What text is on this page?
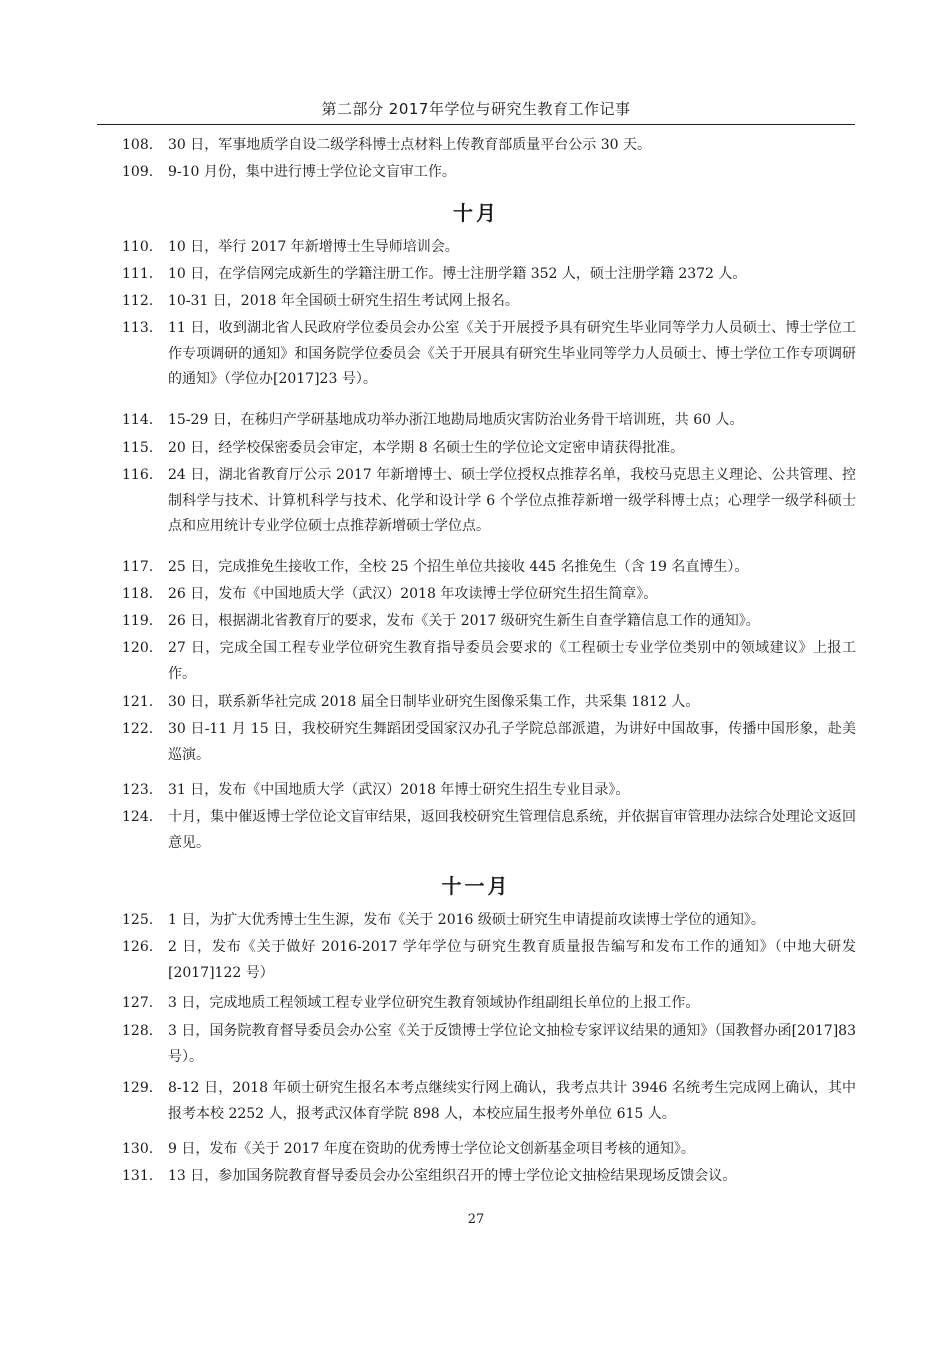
第二部分 2017年学位与研究生教育工作记事
108.	30 日，军事地质学自设二级学科博士点材料上传教育部质量平台公示 30 天。
109.	9-10 月份，集中进行博士学位论文盲审工作。
十月
110.	10 日，举行 2017 年新增博士生导师培训会。
111.	10 日，在学信网完成新生的学籍注册工作。博士注册学籍 352 人，硕士注册学籍 2372 人。
112.	10-31 日，2018 年全国硕士研究生招生考试网上报名。
113.	11 日，收到湖北省人民政府学位委员会办公室《关于开展授予具有研究生毕业同等学力人员硕士、博士学位工作专项调研的通知》和国务院学位委员会《关于开展具有研究生毕业同等学力人员硕士、博士学位工作专项调研的通知》（学位办[2017]23 号）。
114.	15-29 日，在秭归产学研基地成功举办浙江地勘局地质灾害防治业务骨干培训班，共 60 人。
115.	20 日，经学校保密委员会审定，本学期 8 名硕士生的学位论文定密申请获得批准。
116.	24 日，湖北省教育厅公示 2017 年新增博士、硕士学位授权点推荐名单，我校马克思主义理论、公共管理、控制科学与技术、计算机科学与技术、化学和设计学 6 个学位点推荐新增一级学科博士点；心理学一级学科硕士点和应用统计专业学位硕士点推荐新增硕士学位点。
117.	25 日，完成推免生接收工作，全校 25 个招生单位共接收 445 名推免生（含 19 名直博生）。
118.	26 日，发布《中国地质大学（武汉）2018 年攻读博士学位研究生招生简章》。
119.	26 日，根据湖北省教育厅的要求，发布《关于 2017 级研究生新生自查学籍信息工作的通知》。
120.	27 日，完成全国工程专业学位研究生教育指导委员会要求的《工程硕士专业学位类别中的领域建议》上报工作。
121.	30 日，联系新华社完成 2018 届全日制毕业研究生图像采集工作，共采集 1812 人。
122.	30 日-11 月 15 日，我校研究生舞蹈团受国家汉办孔子学院总部派遣，为讲好中国故事，传播中国形象，赴美巡演。
123.	31 日，发布《中国地质大学（武汉）2018 年博士研究生招生专业目录》。
124.	十月，集中催返博士学位论文盲审结果，返回我校研究生管理信息系统，并依据盲审管理办法综合处理论文返回意见。
十一月
125.	1 日，为扩大优秀博士生生源，发布《关于 2016 级硕士研究生申请提前攻读博士学位的通知》。
126.	2 日，发布《关于做好 2016-2017 学年学位与研究生教育质量报告编写和发布工作的通知》（中地大研发[2017]122 号）
127.	3 日，完成地质工程领域工程专业学位研究生教育领域协作组副组长单位的上报工作。
128.	3 日，国务院教育督导委员会办公室《关于反馈博士学位论文抽检专家评议结果的通知》（国教督办函[2017]83 号）。
129.	8-12 日，2018 年硕士研究生报名本考点继续实行网上确认，我考点共计 3946 名统考生完成网上确认，其中报考本校 2252 人，报考武汉体育学院 898 人，本校应届生报考外单位 615 人。
130.	9 日，发布《关于 2017 年度在资助的优秀博士学位论文创新基金项目考核的通知》。
131.	13 日，参加国务院教育督导委员会办公室组织召开的博士学位论文抽检结果现场反馈会议。
27
